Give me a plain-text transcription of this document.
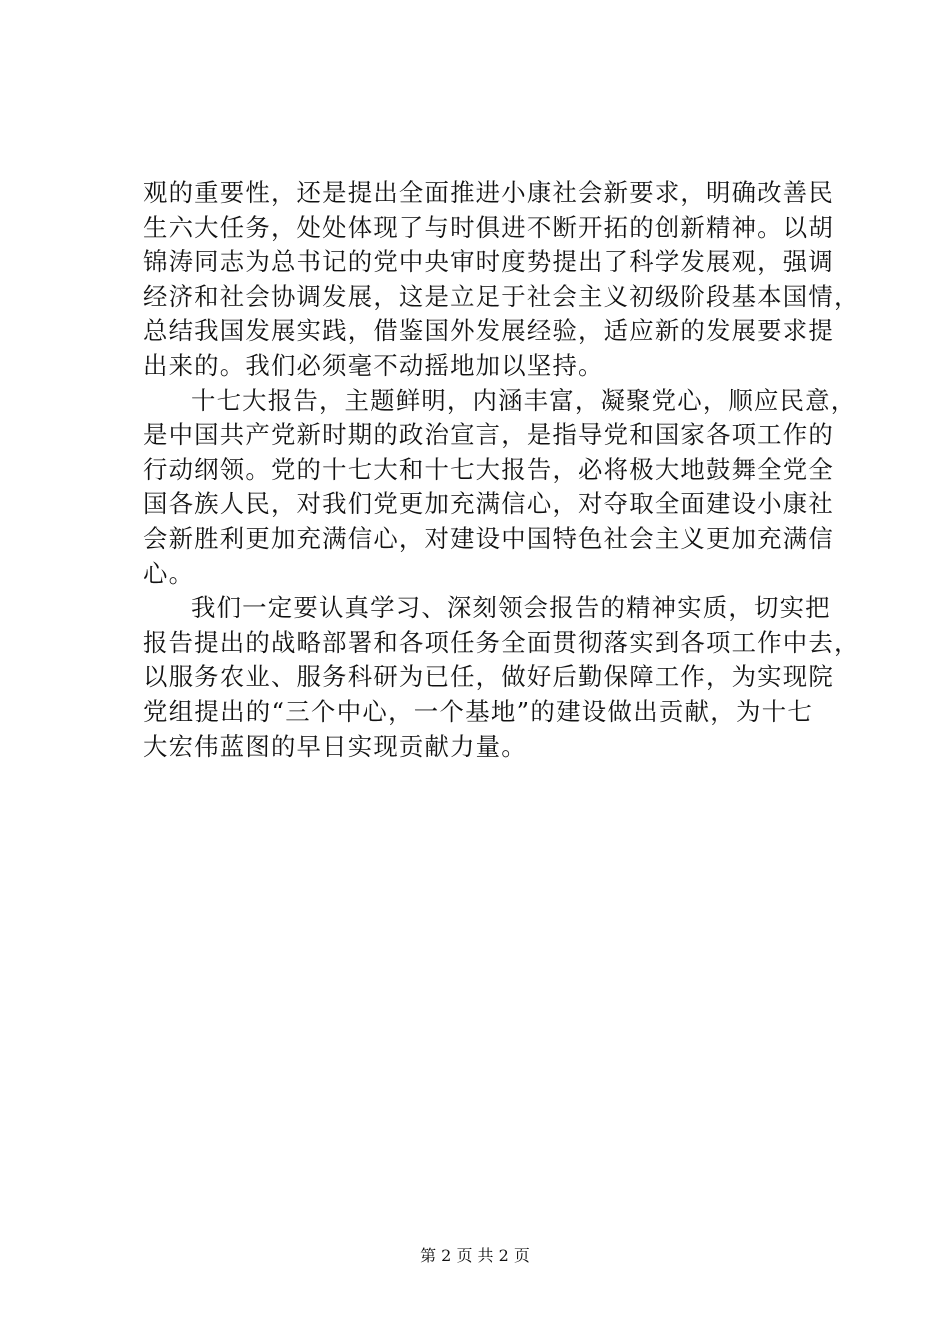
观的重要性，还是提出全面推进小康社会新要求，明确改善民
生六大任务，处处体现了与时俱进不断开拓的创新精神。以胡
锦涛同志为总书记的党中央审时度势提出了科学发展观，强调
经济和社会协调发展，这是立足于社会主义初级阶段基本国情，
总结我国发展实践，借鉴国外发展经验，适应新的发展要求提
出来的。我们必须毫不动摇地加以坚持。
十七大报告，主题鲜明，内涵丰富，凝聚党心，顺应民意，
是中国共产党新时期的政治宣言，是指导党和国家各项工作的
行动纲领。党的十七大和十七大报告，必将极大地鼓舞全党全
国各族人民，对我们党更加充满信心，对夺取全面建设小康社
会新胜利更加充满信心，对建设中国特色社会主义更加充满信
心。
我们一定要认真学习、深刻领会报告的精神实质，切实把
报告提出的战略部署和各项任务全面贯彻落实到各项工作中去，
以服务农业、服务科研为已任，做好后勤保障工作，为实现院
党组提出的“三个中心，一个基地”的建设做出贡献，为十七
大宏伟蓝图的早日实现贡献力量。
第 2 页 共 2 页
